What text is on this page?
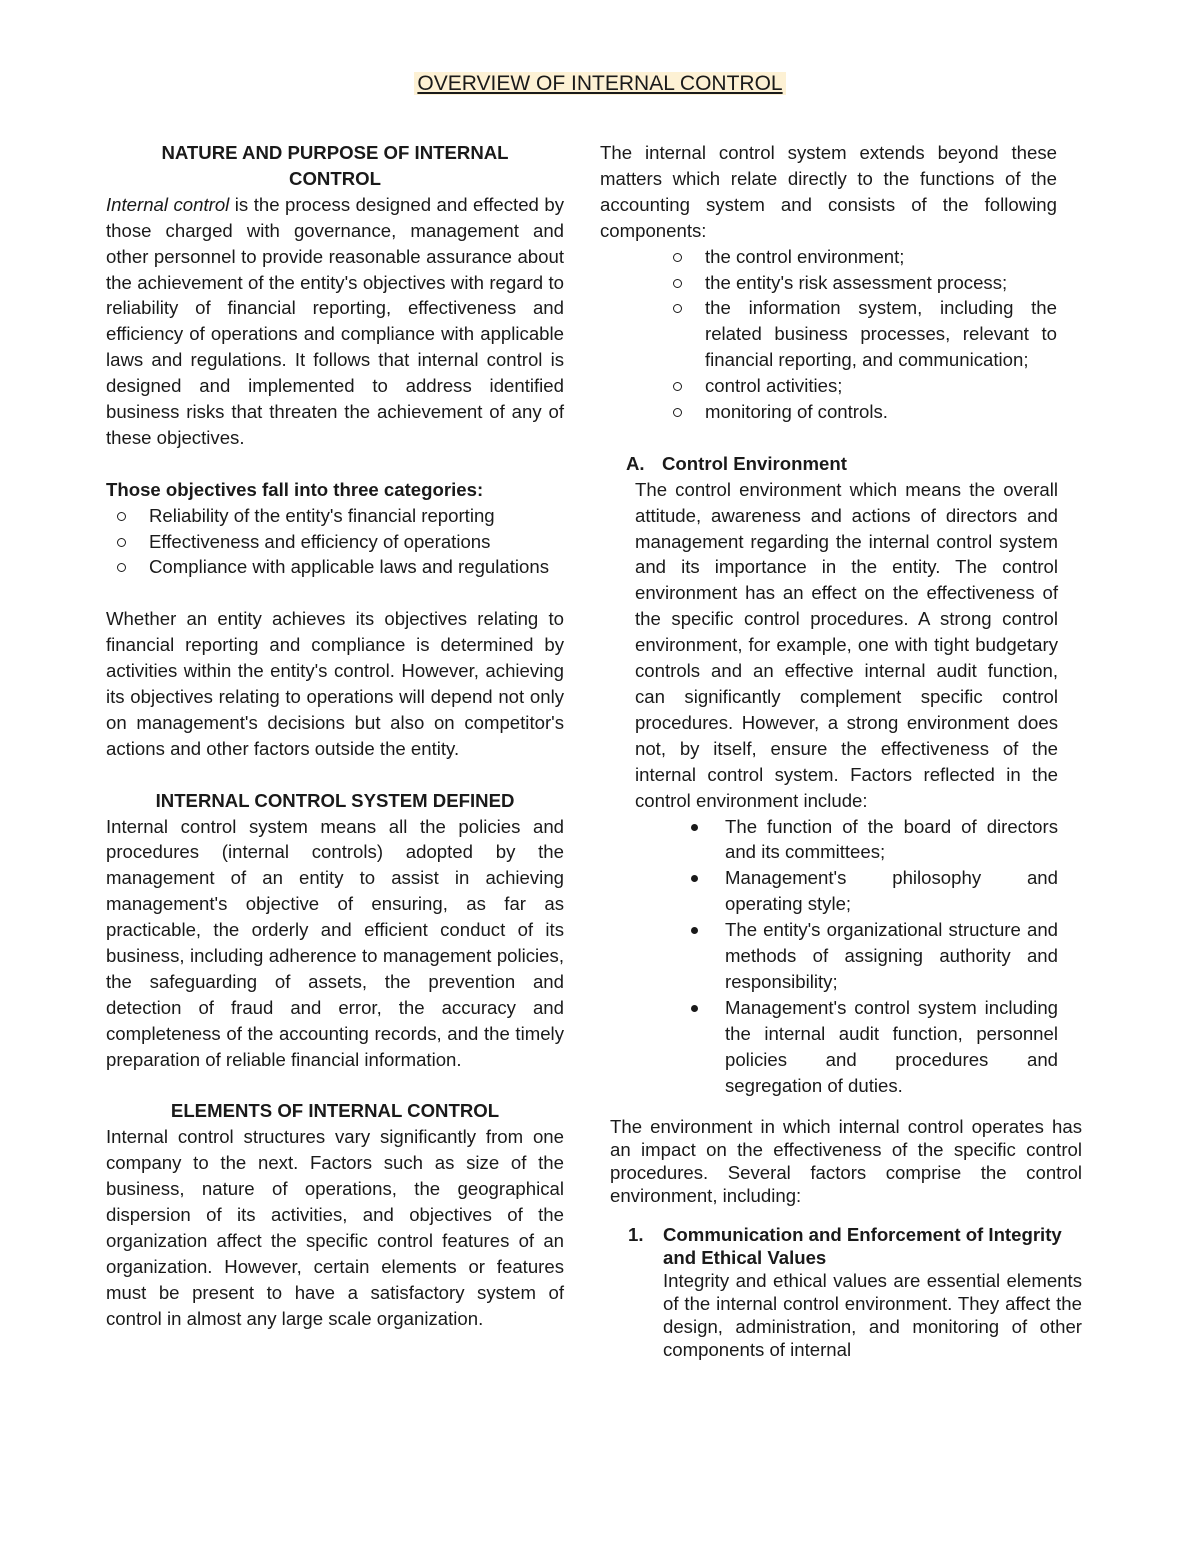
OVERVIEW OF INTERNAL CONTROL

NATURE AND PURPOSE OF INTERNAL

CONTROL

Internal control is the process designed and effected by those charged with governance, management and other personnel to provide reasonable assurance about the achievement of the entity's objectives with regard to reliability of financial reporting, effectiveness and efficiency of operations and compliance with applicable laws and regulations. It follows that internal control is designed and implemented to address identified business risks that threaten the achievement of any of these objectives.

Those objectives fall into three categories:

Reliability of the entity's financial reporting
Effectiveness and efficiency of operations
Compliance with applicable laws and regulations

Whether an entity achieves its objectives relating to financial reporting and compliance is determined by activities within the entity's control. However, achieving its objectives relating to operations will depend not only on management's decisions but also on competitor's actions and other factors outside the entity.

INTERNAL CONTROL SYSTEM DEFINED

Internal control system means all the policies and procedures (internal controls) adopted by the management of an entity to assist in achieving management's objective of ensuring, as far as practicable, the orderly and efficient conduct of its business, including adherence to management policies, the safeguarding of assets, the prevention and detection of fraud and error, the accuracy and completeness of the accounting records, and the timely preparation of reliable financial information.

ELEMENTS OF INTERNAL CONTROL

Internal control structures vary significantly from one company to the next. Factors such as size of the business, nature of operations, the geographical dispersion of its activities, and objectives of the organization affect the specific control features of an organization. However, certain elements or features must be present to have a satisfactory system of control in almost any large scale organization.

The internal control system extends beyond these matters which relate directly to the functions of the accounting system and consists of the following components:

the control environment;
the entity's risk assessment process;
the information system, including the related business processes, relevant to financial reporting, and communication;
control activities;
monitoring of controls.

A. Control Environment

The control environment which means the overall attitude, awareness and actions of directors and management regarding the internal control system and its importance in the entity. The control environment has an effect on the effectiveness of the specific control procedures. A strong control environment, for example, one with tight budgetary controls and an effective internal audit function, can significantly complement specific control procedures. However, a strong environment does not, by itself, ensure the effectiveness of the internal control system. Factors reflected in the control environment include:

The function of the board of directors and its committees;
Management's philosophy and operating style;
The entity's organizational structure and methods of assigning authority and responsibility;
Management's control system including the internal audit function, personnel policies and procedures and segregation of duties.

The environment in which internal control operates has an impact on the effectiveness of the specific control procedures. Several factors comprise the control environment, including:

1. Communication and Enforcement of Integrity and Ethical Values

Integrity and ethical values are essential elements of the internal control environment. They affect the design, administration, and monitoring of other components of internal
